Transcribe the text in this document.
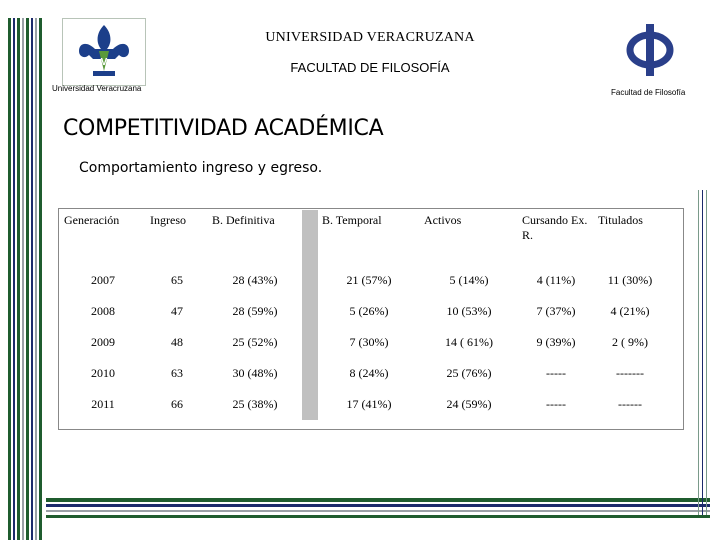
V
Universidad Veracruzana	Facultad de Filosofía
UNIVERSIDAD VERACRUZANA
FACULTAD DE FILOSOFÍA
COMPETITIVIDAD ACADÉMICA
Comportamiento ingreso y egreso.
Generación	Ingreso	B. Definitiva		B. Temporal	Activos	Cursando Ex. R.	Titulados
2007	65	28 (43%)		21 (57%)	5 (14%)	4 (11%)	11 (30%)
2008	47	28 (59%)		5 (26%)	10 (53%)	7 (37%)	4 (21%)
2009	48	25 (52%)		7 (30%)	14 ( 61%)	9 (39%)	2 ( 9%)
2010	63	30 (48%)		8 (24%)	25 (76%)	-----	-------
2011	66	25 (38%)		17 (41%)	24 (59%)	-----	------
